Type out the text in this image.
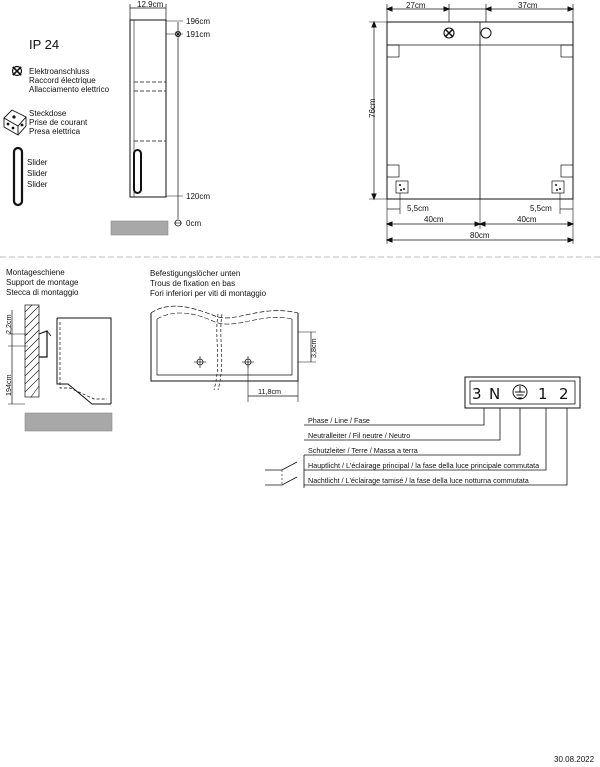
IP 24
Elektroanschluss
Raccord électrique
Allacciamento elettrico
Steckdose
Prise de courant
Presa elettrica
Slider
Slider
Slider
12.9cm
196cm
191cm
120cm
0cm
27cm	37cm
76cm
5,5cm	5,5cm
40cm	40cm
80cm
Montageschiene
Support de montage
Stecca di montaggio
2,2cm
194cm
Befestigungslöcher unten
Trous de fixation en bas
Fori inferiori per viti di montaggio
11,8cm
3,8cm
3 N	1 2
Phase / Line / Fase
Neutralleiter / Fil neutre / Neutro
Schutzleiter / Terre / Massa a terra
Hauptlicht / L'éclairage principal / la fase della luce principale commutata
Nachtlicht / L'éclairage tamisé / la fase della luce notturna commutata
30.08.2022
